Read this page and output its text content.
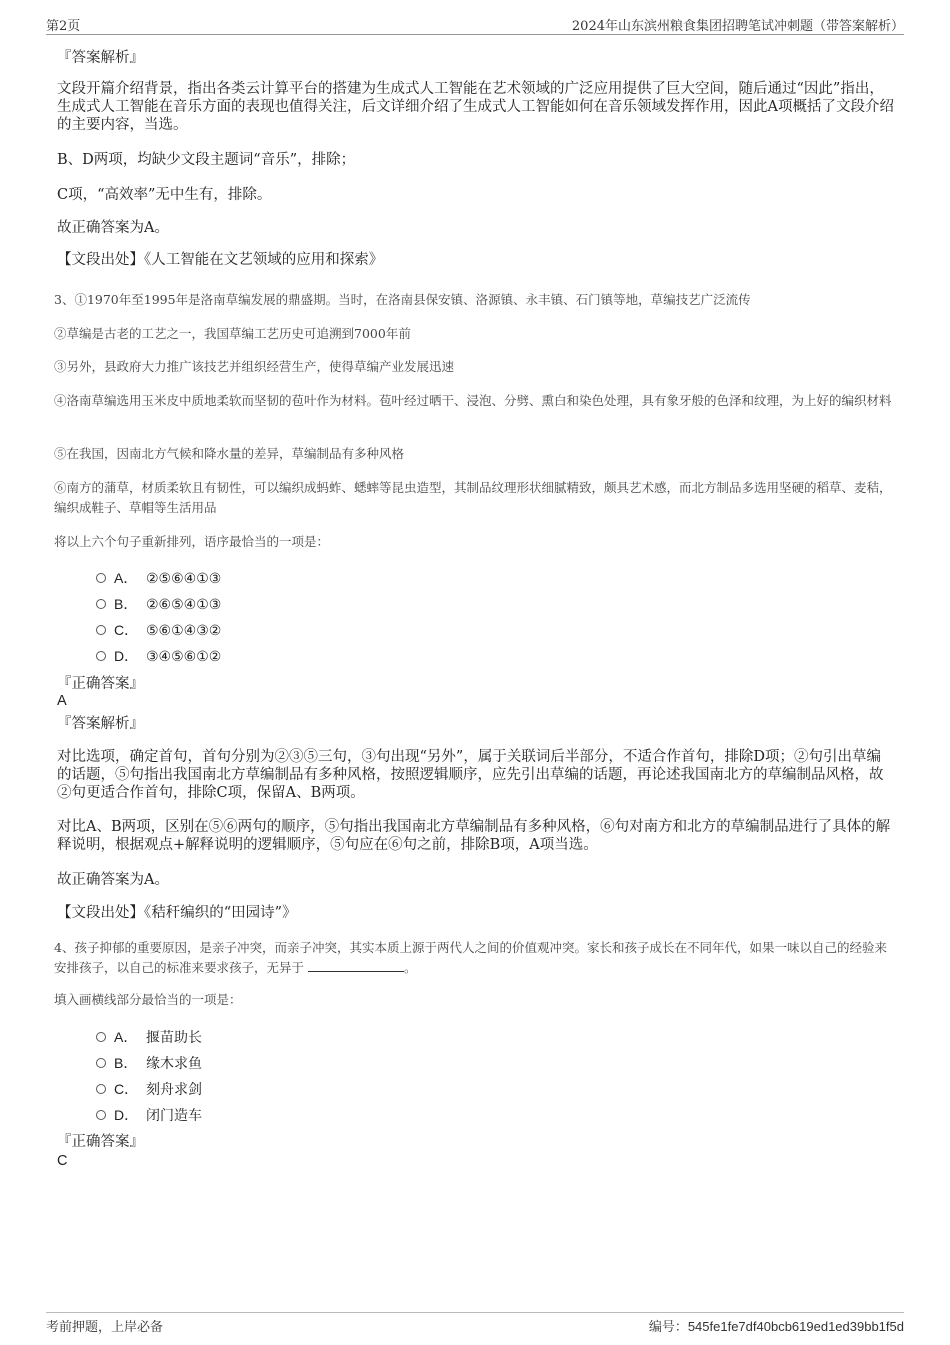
第2页	2024年山东滨州粮食集团招聘笔试冲刺题（带答案解析）
『答案解析』
文段开篇介绍背景，指出各类云计算平台的搭建为生成式人工智能在艺术领域的广泛应用提供了巨大空间，随后通过“因此”指出，生成式人工智能在音乐方面的表现也值得关注，后文详细介绍了生成式人工智能如何在音乐领域发挥作用，因此A项概括了文段介绍的主要内容，当选。
B、D两项，均缺少文段主题词“音乐”，排除；
C项，“高效率”无中生有，排除。
故正确答案为A。
【文段出处】《人工智能在文艺领域的应用和探索》
3、①1970年至1995年是洛南草编发展的鼎盛期。当时，在洛南县保安镇、洛源镇、永丰镇、石门镇等地，草编技艺广泛流传
②草编是古老的工艺之一，我国草编工艺历史可追溯到7000年前
③另外，县政府大力推广该技艺并组织经营生产，使得草编产业发展迅速
④洛南草编选用玉米皮中质地柔软而坚韧的苞叶作为材料。苞叶经过晒干、浸泡、分劈、熏白和染色处理，具有象牙般的色泽和纹理，为上好的编织材料
⑤在我国，因南北方气候和降水量的差异，草编制品有多种风格
⑥南方的蒲草，材质柔软且有韧性，可以编织成蚂蚱、蟋蟀等昆虫造型，其制品纹理形状细腻精致，颇具艺术感，而北方制品多选用坚硬的稻草、麦秸，编织成鞋子、草帽等生活用品
将以上六个句子重新排列，语序最恰当的一项是：
A． ②⑤⑥④①③
B． ②⑥⑤④①③
C． ⑤⑥①④③②
D． ③④⑤⑥①②
『正确答案』
A
『答案解析』
对比选项，确定首句，首句分别为②③⑤三句，③句出现“另外”，属于关联词后半部分，不适合作首句，排除D项；②句引出草编的话题，⑤句指出我国南北方草编制品有多种风格，按照逻辑顺序，应先引出草编的话题，再论述我国南北方的草编制品风格，故②句更适合作首句，排除C项，保留A、B两项。
对比A、B两项，区别在⑤⑥两句的顺序，⑤句指出我国南北方草编制品有多种风格，⑥句对南方和北方的草编制品进行了具体的解释说明，根据观点+解释说明的逻辑顺序，⑤句应在⑥句之前，排除B项，A项当选。
故正确答案为A。
【文段出处】《秸秆编织的“田园诗”》
4、孩子抑郁的重要原因，是亲子冲突，而亲子冲突，其实本质上源于两代人之间的价值观冲突。家长和孩子成长在不同年代，如果一味以自己的经验来安排孩子，以自己的标准来要求孩子，无异于	。
填入画横线部分最恰当的一项是：
A． 揠苗助长
B． 缘木求鱼
C． 刻舟求剑
D． 闭门造车
『正确答案』
C
考前押题，上岸必备	编号：545fe1fe7df40bcb619ed1ed39bb1f5d
